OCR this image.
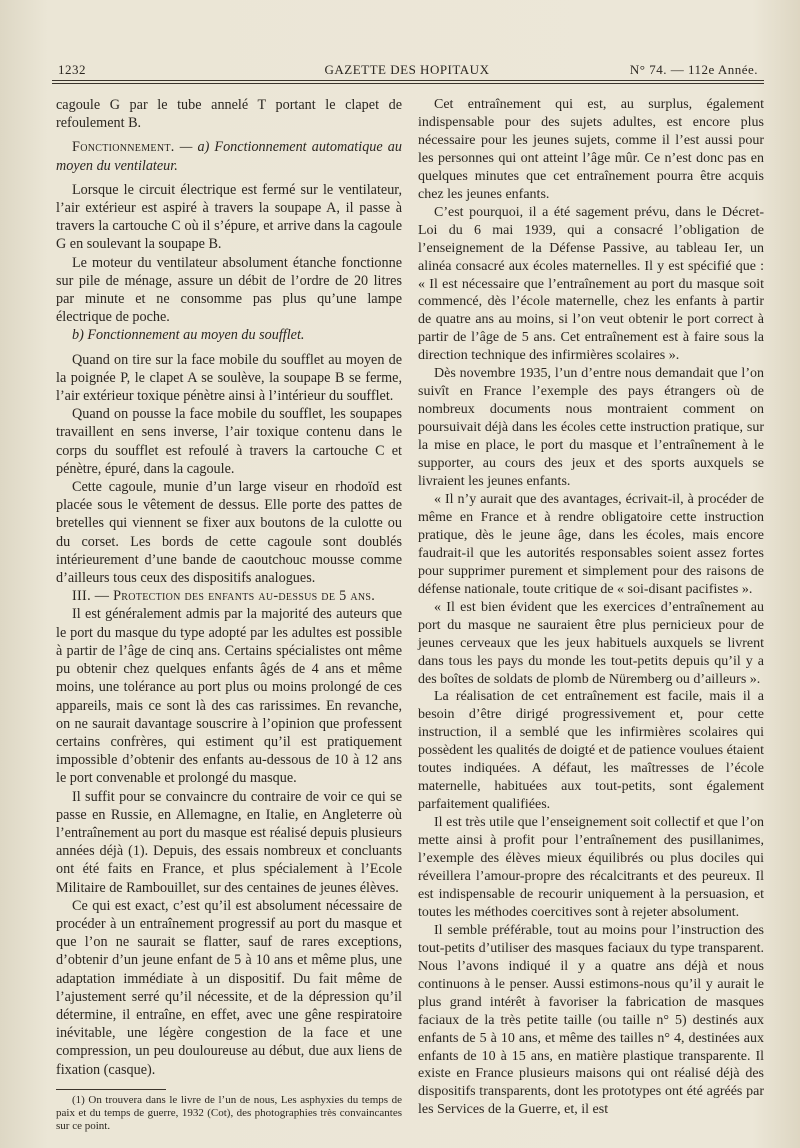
1232	GAZETTE DES HOPITAUX	N° 74. — 112e Année.

cagoule G par le tube annelé T portant le clapet de refoulement B.

Fonctionnement. — a) Fonctionnement automatique au moyen du ventilateur.

Lorsque le circuit électrique est fermé sur le ventilateur, l’air extérieur est aspiré à travers la soupape A, il passe à travers la cartouche C où il s’épure, et arrive dans la cagoule G en soulevant la soupape B.

Le moteur du ventilateur absolument étanche fonctionne sur pile de ménage, assure un débit de l’ordre de 20 litres par minute et ne consomme pas plus qu’une lampe électrique de poche.

b) Fonctionnement au moyen du soufflet.

Quand on tire sur la face mobile du soufflet au moyen de la poignée P, le clapet A se soulève, la soupape B se ferme, l’air extérieur toxique pénètre ainsi à l’intérieur du soufflet.

Quand on pousse la face mobile du soufflet, les soupapes travaillent en sens inverse, l’air toxique contenu dans le corps du soufflet est refoulé à travers la cartouche C et pénètre, épuré, dans la cagoule.

Cette cagoule, munie d’un large viseur en rhodoïd est placée sous le vêtement de dessus. Elle porte des pattes de bretelles qui viennent se fixer aux boutons de la culotte ou du corset. Les bords de cette cagoule sont doublés intérieurement d’une bande de caoutchouc mousse comme d’ailleurs tous ceux des dispositifs analogues.

III. — Protection des enfants au-dessus de 5 ans.

Il est généralement admis par la majorité des auteurs que le port du masque du type adopté par les adultes est possible à partir de l’âge de cinq ans. Certains spécialistes ont même pu obtenir chez quelques enfants âgés de 4 ans et même moins, une tolérance au port plus ou moins prolongé de ces appareils, mais ce sont là des cas rarissimes. En revanche, on ne saurait davantage souscrire à l’opinion que professent certains confrères, qui estiment qu’il est pratiquement impossible d’obtenir des enfants au-dessous de 10 à 12 ans le port convenable et prolongé du masque.

Il suffit pour se convaincre du contraire de voir ce qui se passe en Russie, en Allemagne, en Italie, en Angleterre où l’entraînement au port du masque est réalisé depuis plusieurs années déjà (1). Depuis, des essais nombreux et concluants ont été faits en France, et plus spécialement à l’Ecole Militaire de Rambouillet, sur des centaines de jeunes élèves.

Ce qui est exact, c’est qu’il est absolument nécessaire de procéder à un entraînement progressif au port du masque et que l’on ne saurait se flatter, sauf de rares exceptions, d’obtenir d’un jeune enfant de 5 à 10 ans et même plus, une adaptation immédiate à un dispositif. Du fait même de l’ajustement serré qu’il nécessite, et de la dépression qu’il détermine, il entraîne, en effet, avec une gêne respiratoire inévitable, une légère congestion de la face et une compression, un peu douloureuse au début, due aux liens de fixation (casque).

(1) On trouvera dans le livre de l’un de nous, Les asphyxies du temps de paix et du temps de guerre, 1932 (Cot), des photographies très convaincantes sur ce point.

Cet entraînement qui est, au surplus, également indispensable pour des sujets adultes, est encore plus nécessaire pour les jeunes sujets, comme il l’est aussi pour les personnes qui ont atteint l’âge mûr. Ce n’est donc pas en quelques minutes que cet entraînement pourra être acquis chez les jeunes enfants.

C’est pourquoi, il a été sagement prévu, dans le Décret-Loi du 6 mai 1939, qui a consacré l’obligation de l’enseignement de la Défense Passive, au tableau Ier, un alinéa consacré aux écoles maternelles. Il y est spécifié que : « Il est nécessaire que l’entraînement au port du masque soit commencé, dès l’école maternelle, chez les enfants à partir de quatre ans au moins, si l’on veut obtenir le port correct à partir de l’âge de 5 ans. Cet entraînement est à faire sous la direction technique des infirmières scolaires ».

Dès novembre 1935, l’un d’entre nous demandait que l’on suivît en France l’exemple des pays étrangers où de nombreux documents nous montraient comment on poursuivait déjà dans les écoles cette instruction pratique, sur la mise en place, le port du masque et l’entraînement à le supporter, au cours des jeux et des sports auxquels se livraient les jeunes enfants.

« Il n’y aurait que des avantages, écrivait-il, à procéder de même en France et à rendre obligatoire cette instruction pratique, dès le jeune âge, dans les écoles, mais encore faudrait-il que les autorités responsables soient assez fortes pour supprimer purement et simplement pour des raisons de défense nationale, toute critique de « soi-disant pacifistes ».

« Il est bien évident que les exercices d’entraînement au port du masque ne sauraient être plus pernicieux pour de jeunes cerveaux que les jeux habituels auxquels se livrent dans tous les pays du monde les tout-petits depuis qu’il y a des boîtes de soldats de plomb de Nüremberg ou d’ailleurs ».

La réalisation de cet entraînement est facile, mais il a besoin d’être dirigé progressivement et, pour cette instruction, il a semblé que les infirmières scolaires qui possèdent les qualités de doigté et de patience voulues étaient toutes indiquées. A défaut, les maîtresses de l’école maternelle, habituées aux tout-petits, sont également parfaitement qualifiées.

Il est très utile que l’enseignement soit collectif et que l’on mette ainsi à profit pour l’entraînement des pusillanimes, l’exemple des élèves mieux équilibrés ou plus dociles qui réveillera l’amour-propre des récalcitrants et des peureux. Il est indispensable de recourir uniquement à la persuasion, et toutes les méthodes coercitives sont à rejeter absolument.

Il semble préférable, tout au moins pour l’instruction des tout-petits d’utiliser des masques faciaux du type transparent. Nous l’avons indiqué il y a quatre ans déjà et nous continuons à le penser. Aussi estimons-nous qu’il y aurait le plus grand intérêt à favoriser la fabrication de masques faciaux de la très petite taille (ou taille n° 5) destinés aux enfants de 5 à 10 ans, et même des tailles n° 4, destinées aux enfants de 10 à 15 ans, en matière plastique transparente. Il existe en France plusieurs maisons qui ont réalisé déjà des dispositifs transparents, dont les prototypes ont été agréés par les Services de la Guerre, et, il est
